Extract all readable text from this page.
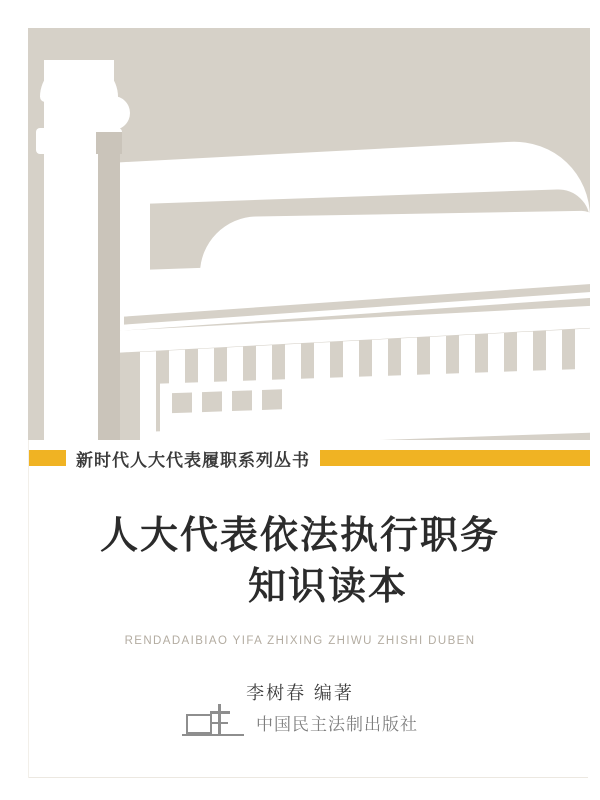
新时代人大代表履职系列丛书
人大代表依法执行职务
知识读本
RENDADAIBIAO YIFA ZHIXING ZHIWU ZHISHI DUBEN
李树春 编著
中国民主法制出版社
